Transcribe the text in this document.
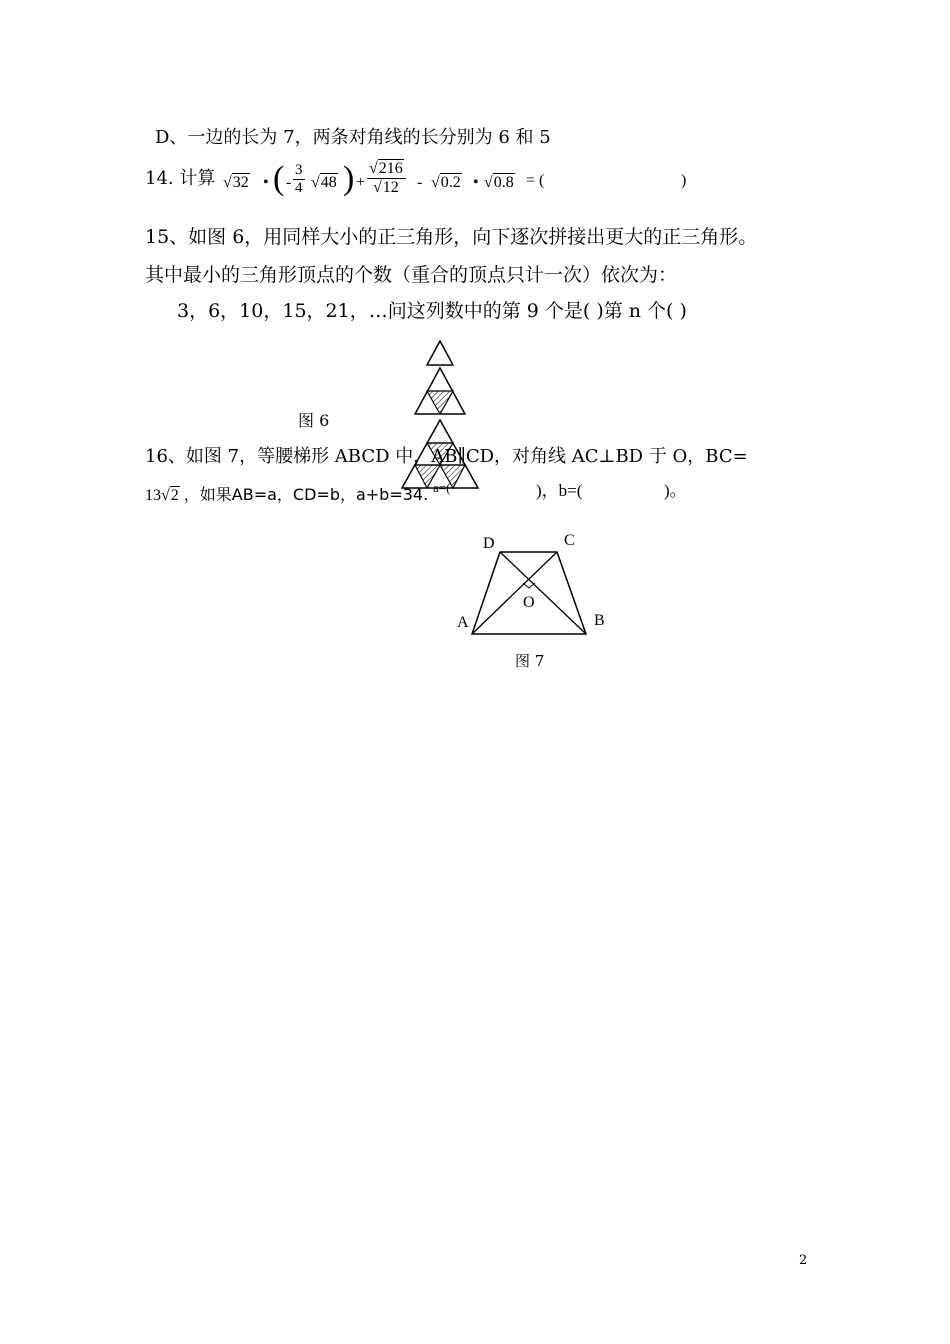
D、一边的长为 7，两条对角线的长分别为 6 和 5
14. 计算 √32 • ( - $\frac{3}{4} √48$ ) + $\frac{√216}{√12} - √0.2$ • √0.8 = (	)
15、如图 6，用同样大小的正三角形，向下逐次拼接出更大的正三角形。
其中最小的三角形顶点的个数（重合的顶点只计一次）依次为：
3，6，10，15，21，…问这列数中的第 9 个是( )第 n 个( )
图 6
16、如图 7，等腰梯形 ABCD 中，AB∥CD，对角线 AC⊥BD 于 O，BC=
13√2 ，如果AB=a，CD=b，a+b=34. a=(	)，b=(	)。
D	C
O
A	B
图 7
2
